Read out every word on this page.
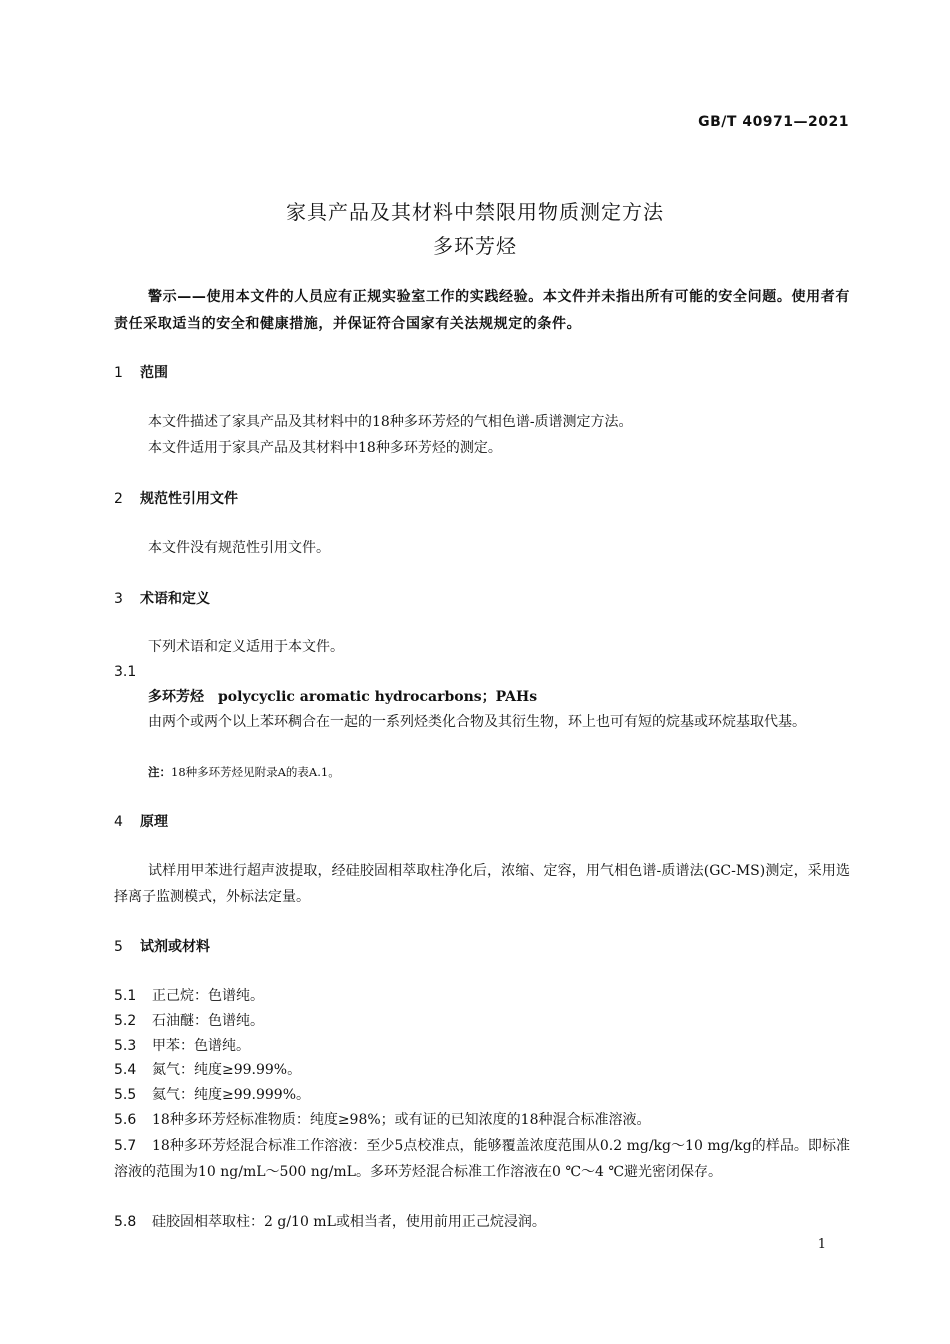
GB/T 40971—2021
家具产品及其材料中禁限用物质测定方法
多环芳烃
警示——使用本文件的人员应有正规实验室工作的实践经验。本文件并未指出所有可能的安全问题。使用者有责任采取适当的安全和健康措施，并保证符合国家有关法规规定的条件。
1 范围
本文件描述了家具产品及其材料中的18种多环芳烃的气相色谱-质谱测定方法。
本文件适用于家具产品及其材料中18种多环芳烃的测定。
2 规范性引用文件
本文件没有规范性引用文件。
3 术语和定义
下列术语和定义适用于本文件。
3.1
多环芳烃 polycyclic aromatic hydrocarbons；PAHs
由两个或两个以上苯环稠合在一起的一系列烃类化合物及其衍生物，环上也可有短的烷基或环烷基取代基。
注：18种多环芳烃见附录A的表A.1。
4 原理
试样用甲苯进行超声波提取，经硅胶固相萃取柱净化后，浓缩、定容，用气相色谱-质谱法(GC-MS)测定，采用选择离子监测模式，外标法定量。
5 试剂或材料
5.1 正己烷：色谱纯。
5.2 石油醚：色谱纯。
5.3 甲苯：色谱纯。
5.4 氮气：纯度≥99.99%。
5.5 氦气：纯度≥99.999%。
5.6 18种多环芳烃标准物质：纯度≥98%；或有证的已知浓度的18种混合标准溶液。
5.7 18种多环芳烃混合标准工作溶液：至少5点校准点，能够覆盖浓度范围从0.2 mg/kg～10 mg/kg的样品。即标准溶液的范围为10 ng/mL～500 ng/mL。多环芳烃混合标准工作溶液在0 ℃～4 ℃避光密闭保存。
5.8 硅胶固相萃取柱：2 g/10 mL或相当者，使用前用正己烷浸润。
1
